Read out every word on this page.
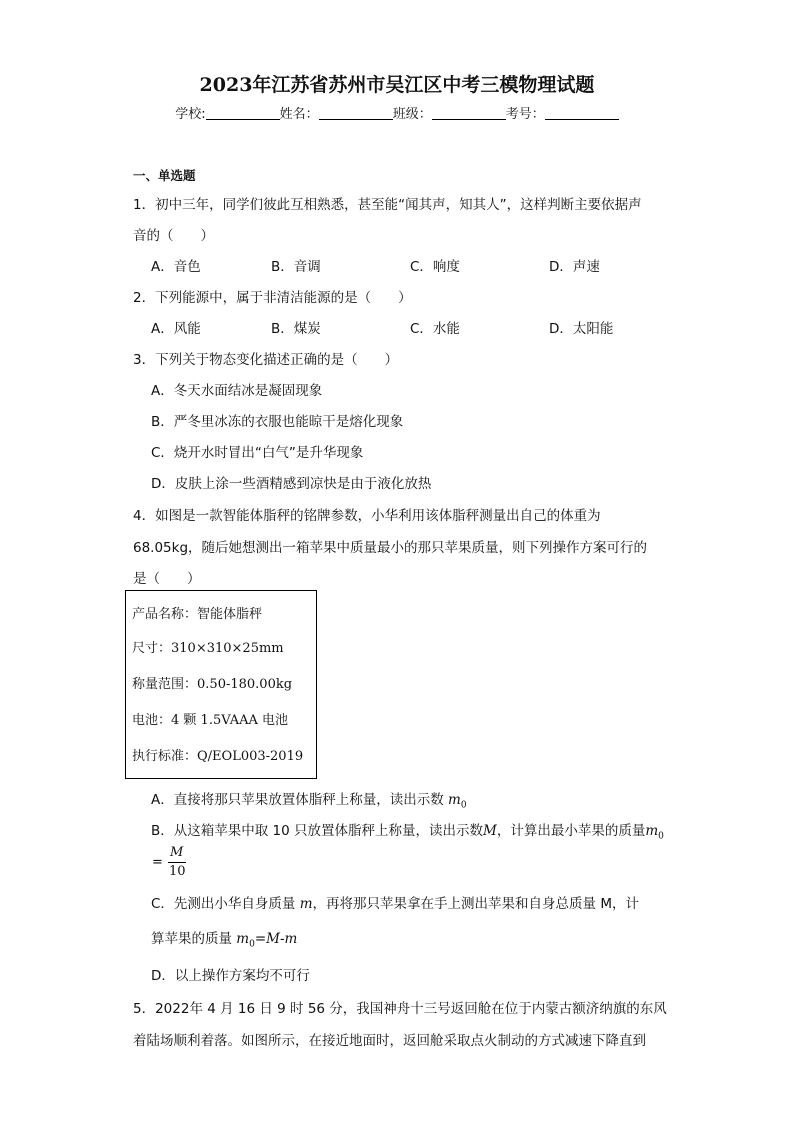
2023年江苏省苏州市吴江区中考三模物理试题
学校:	姓名：	班级：	考号：
一、单选题
1．初中三年，同学们彼此互相熟悉，甚至能“闻其声，知其人”，这样判断主要依据声
音的（　　）
A．音色	B．音调	C．响度	D．声速
2．下列能源中，属于非清洁能源的是（　　）
A．风能	B．煤炭	C．水能	D．太阳能
3．下列关于物态变化描述正确的是（　　）
A．冬天水面结冰是凝固现象
B．严冬里冰冻的衣服也能晾干是熔化现象
C．烧开水时冒出“白气”是升华现象
D．皮肤上涂一些酒精感到凉快是由于液化放热
4．如图是一款智能体脂秤的铭牌参数，小华利用该体脂秤测量出自己的体重为
68.05kg，随后她想测出一箱苹果中质量最小的那只苹果质量，则下列操作方案可行的
是（　　）
产品名称：智能体脂秤
尺寸：310×310×25mm
称量范围：0.50-180.00kg
电池：4 颗 1.5VAAA 电池
执行标准：Q/EOL003-2019
A．直接将那只苹果放置体脂秤上称量，读出示数 $m_0$
B．从这箱苹果中取 10 只放置体脂秤上称量，读出示数M，计算出最小苹果的质量$m_0$
=
M
10
C．先测出小华自身质量 m，再将那只苹果拿在手上测出苹果和自身总质量 M，计
算苹果的质量 $m_0=M-m$
D．以上操作方案均不可行
5．2022年 4 月 16 日 9 时 56 分，我国神舟十三号返回舱在位于内蒙古额济纳旗的东风
着陆场顺利着落。如图所示，在接近地面时，返回舱采取点火制动的方式减速下降直到
